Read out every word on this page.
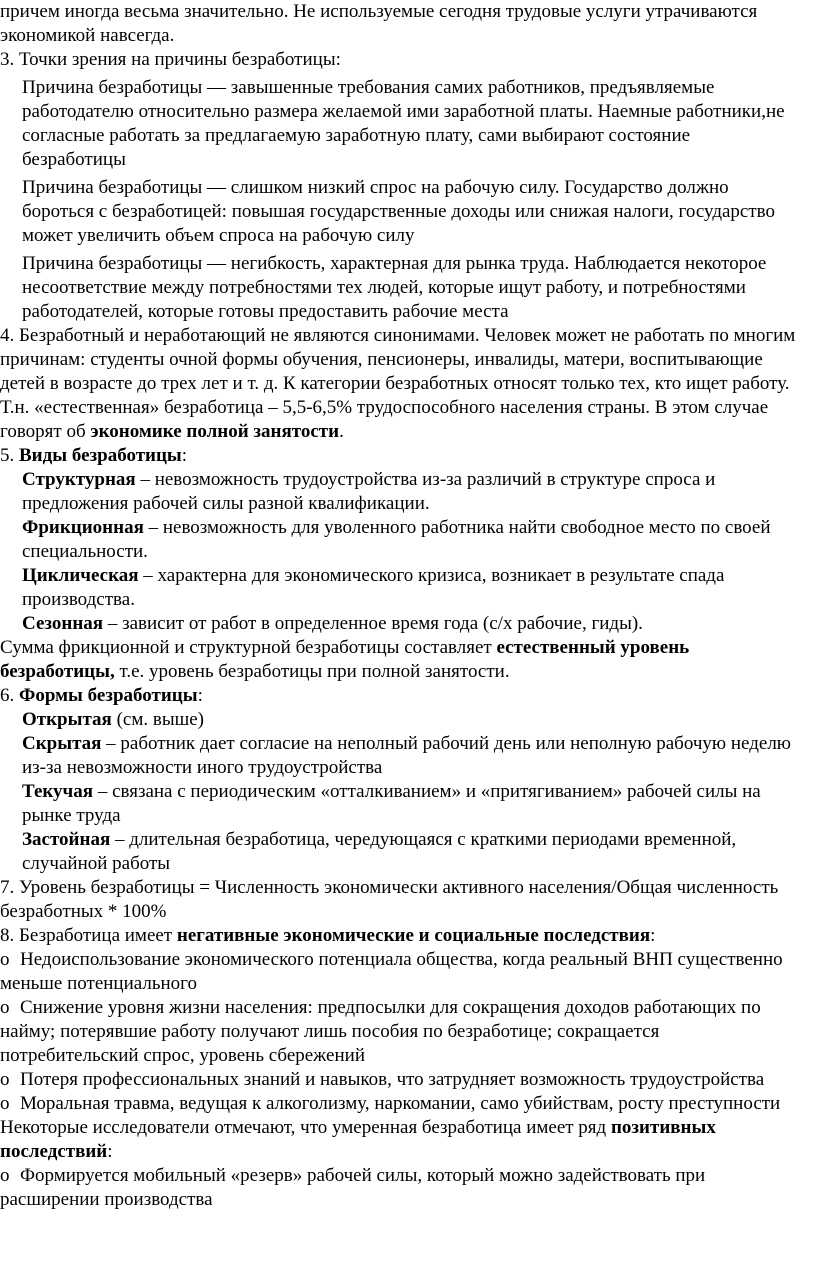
причем иногда весьма значительно. Не используемые сегодня трудовые услуги утрачиваются экономикой навсегда.

3. Точки зрения на причины безработицы:

Причина безработицы — завышенные требования самих работников, предъявляемые работодателю относительно размера желаемой ими заработной платы. Наемные работники,не согласные работать за предлагаемую заработную плату, сами выбирают состояние безработицы

Причина безработицы — слишком низкий спрос на рабочую силу. Государство должно бороться с безработицей: повышая государственные доходы или снижая налоги, государство может увеличить объем спроса на рабочую силу

Причина безработицы — негибкость, характерная для рынка труда. Наблюдается некоторое несоответствие между потребностями тех людей, которые ищут работу, и потребностями работодателей, которые готовы предоставить рабочие места

4. Безработный и неработающий не являются синонимами. Человек может не работать по многим причинам: студенты очной формы обучения, пенсионеры, инвалиды, матери, воспитывающие детей в возрасте до трех лет и т. д. К категории безработных относят только тех, кто ищет работу. Т.н. «естественная» безработица – 5,5-6,5% трудоспособного населения страны. В этом случае говорят об экономике полной занятости.

5. Виды безработицы:

Структурная – невозможность трудоустройства из-за различий в структуре спроса и предложения рабочей силы разной квалификации.

Фрикционная – невозможность для уволенного работника найти свободное место по своей специальности.

Циклическая – характерна для экономического кризиса, возникает в результате спада производства.

Сезонная – зависит от работ в определенное время года (с/х рабочие, гиды).

Сумма фрикционной и структурной безработицы составляет естественный уровень безработицы, т.е. уровень безработицы при полной занятости.

6. Формы безработицы:

Открытая (см. выше)

Скрытая – работник дает согласие на неполный рабочий день или неполную рабочую неделю из-за невозможности иного трудоустройства

Текучая – связана с периодическим «отталкиванием» и «притягиванием» рабочей силы на рынке труда

Застойная – длительная безработица, чередующаяся с краткими периодами временной, случайной работы

7. Уровень безработицы = Численность экономически активного населения/Общая численность безработных * 100%

8. Безработица имеет негативные экономические и социальные последствия:

o Недоиспользование экономического потенциала общества, когда реальный ВНП существенно меньше потенциального

o Снижение уровня жизни населения: предпосылки для сокращения доходов работающих по найму; потерявшие работу получают лишь пособия по безработице; сокращается потребительский спрос, уровень сбережений

o Потеря профессиональных знаний и навыков, что затрудняет возможность трудоустройства

o Моральная травма, ведущая к алкоголизму, наркомании, само убийствам, росту преступности

Некоторые исследователи отмечают, что умеренная безработица имеет ряд позитивных последствий:

o Формируется мобильный «резерв» рабочей силы, который можно задействовать при расширении производства
